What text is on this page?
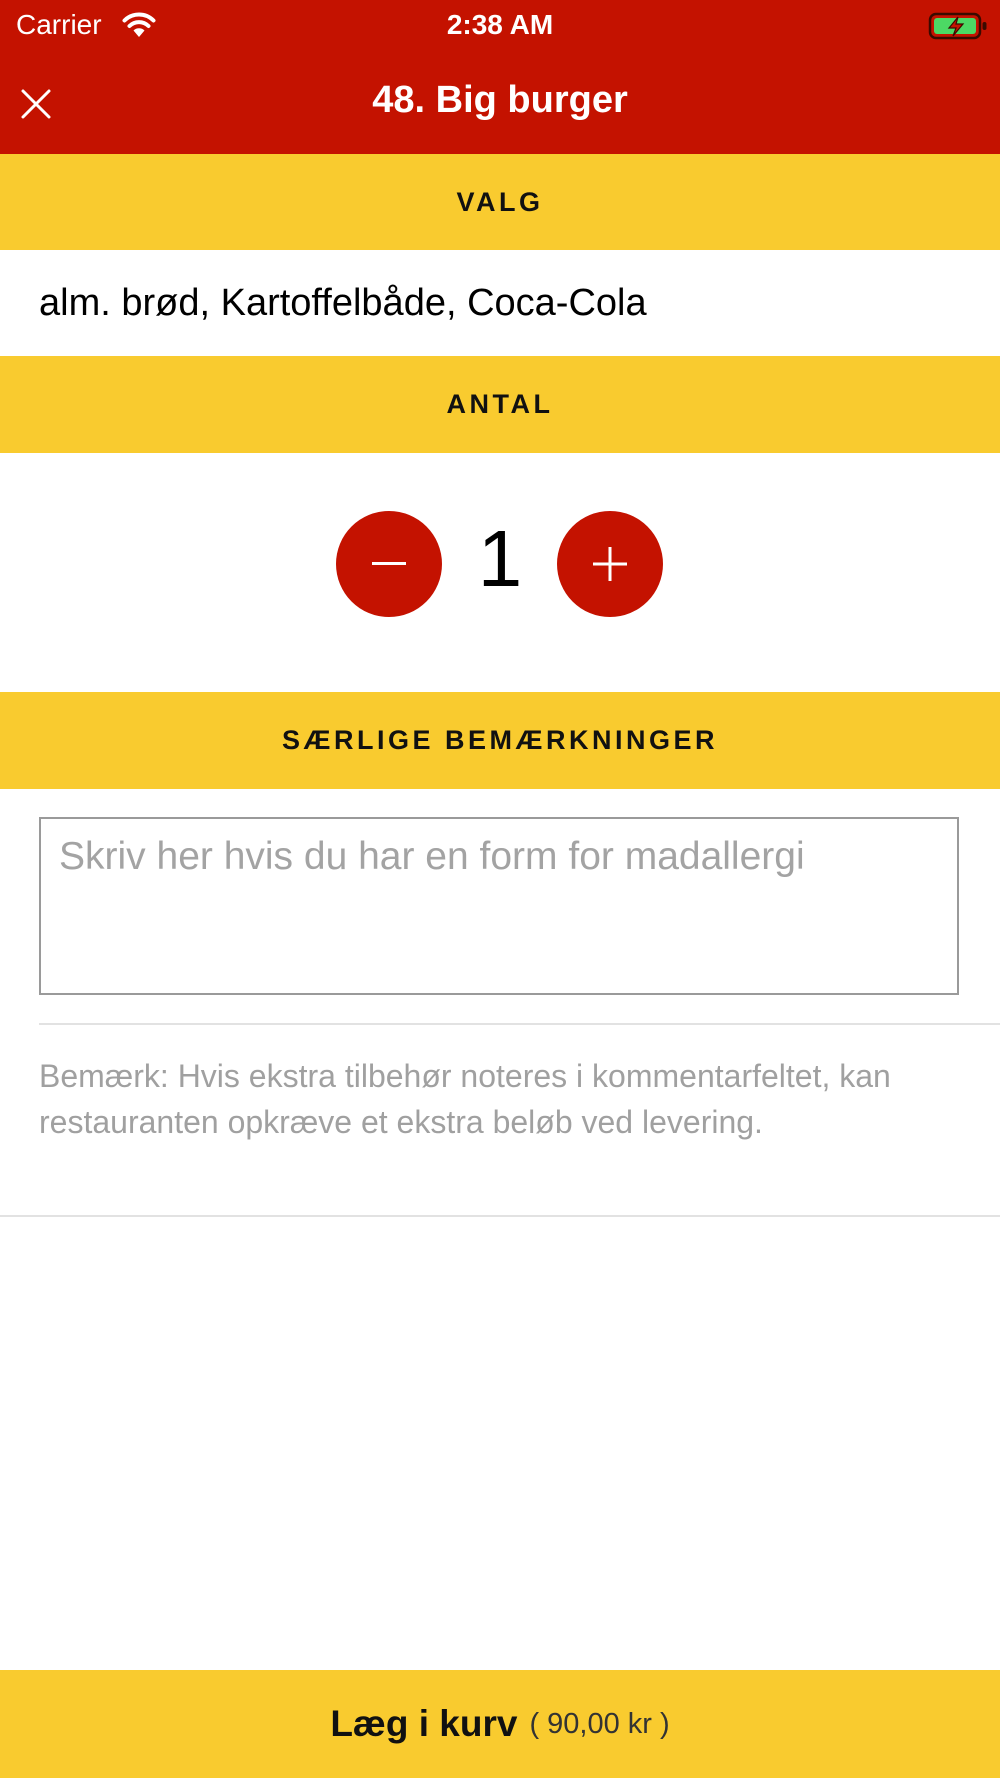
Carrier	2:38 AM
48. Big burger
VALG
alm. brød, Kartoffelbåde, Coca-Cola
ANTAL
1
SÆRLIGE BEMÆRKNINGER
Skriv her hvis du har en form for madallergi
Bemærk: Hvis ekstra tilbehør noteres i kommentarfeltet, kan restauranten opkræve et ekstra beløb ved levering.
Læg i kurv ( 90,00 kr )
